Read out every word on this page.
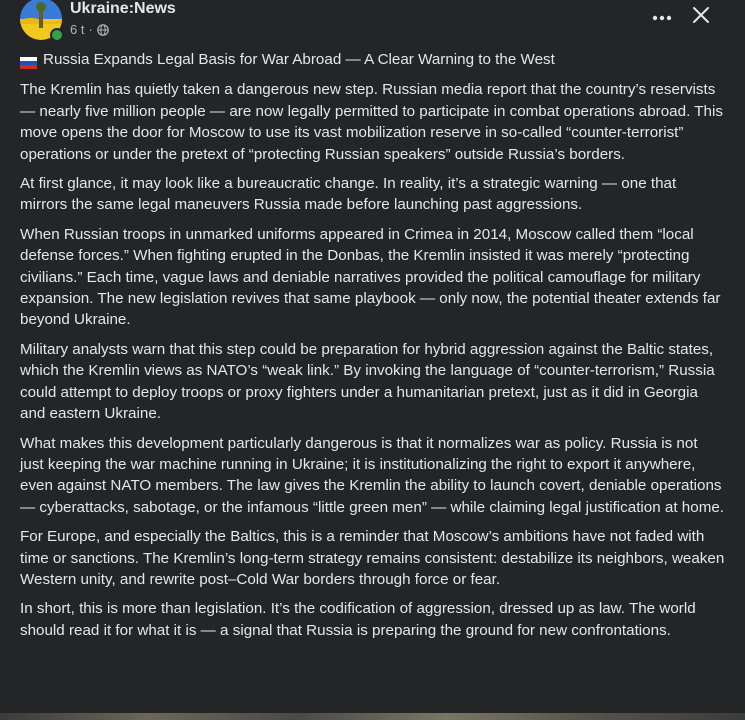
Ukraine:News
6 t ·
Russia Expands Legal Basis for War Abroad — A Clear Warning to the West

The Kremlin has quietly taken a dangerous new step. Russian media report that the country’s reservists — nearly five million people — are now legally permitted to participate in combat operations abroad. This move opens the door for Moscow to use its vast mobilization reserve in so-called “counter-terrorist” operations or under the pretext of “protecting Russian speakers” outside Russia’s borders.

At first glance, it may look like a bureaucratic change. In reality, it’s a strategic warning — one that mirrors the same legal maneuvers Russia made before launching past aggressions.

When Russian troops in unmarked uniforms appeared in Crimea in 2014, Moscow called them “local defense forces.” When fighting erupted in the Donbas, the Kremlin insisted it was merely “protecting civilians.” Each time, vague laws and deniable narratives provided the political camouflage for military expansion. The new legislation revives that same playbook — only now, the potential theater extends far beyond Ukraine.

Military analysts warn that this step could be preparation for hybrid aggression against the Baltic states, which the Kremlin views as NATO’s “weak link.” By invoking the language of “counter-terrorism,” Russia could attempt to deploy troops or proxy fighters under a humanitarian pretext, just as it did in Georgia and eastern Ukraine.

What makes this development particularly dangerous is that it normalizes war as policy. Russia is not just keeping the war machine running in Ukraine; it is institutionalizing the right to export it anywhere, even against NATO members. The law gives the Kremlin the ability to launch covert, deniable operations — cyberattacks, sabotage, or the infamous “little green men” — while claiming legal justification at home.

For Europe, and especially the Baltics, this is a reminder that Moscow’s ambitions have not faded with time or sanctions. The Kremlin’s long-term strategy remains consistent: destabilize its neighbors, weaken Western unity, and rewrite post–Cold War borders through force or fear.

In short, this is more than legislation. It’s the codification of aggression, dressed up as law. The world should read it for what it is — a signal that Russia is preparing the ground for new confrontations.
